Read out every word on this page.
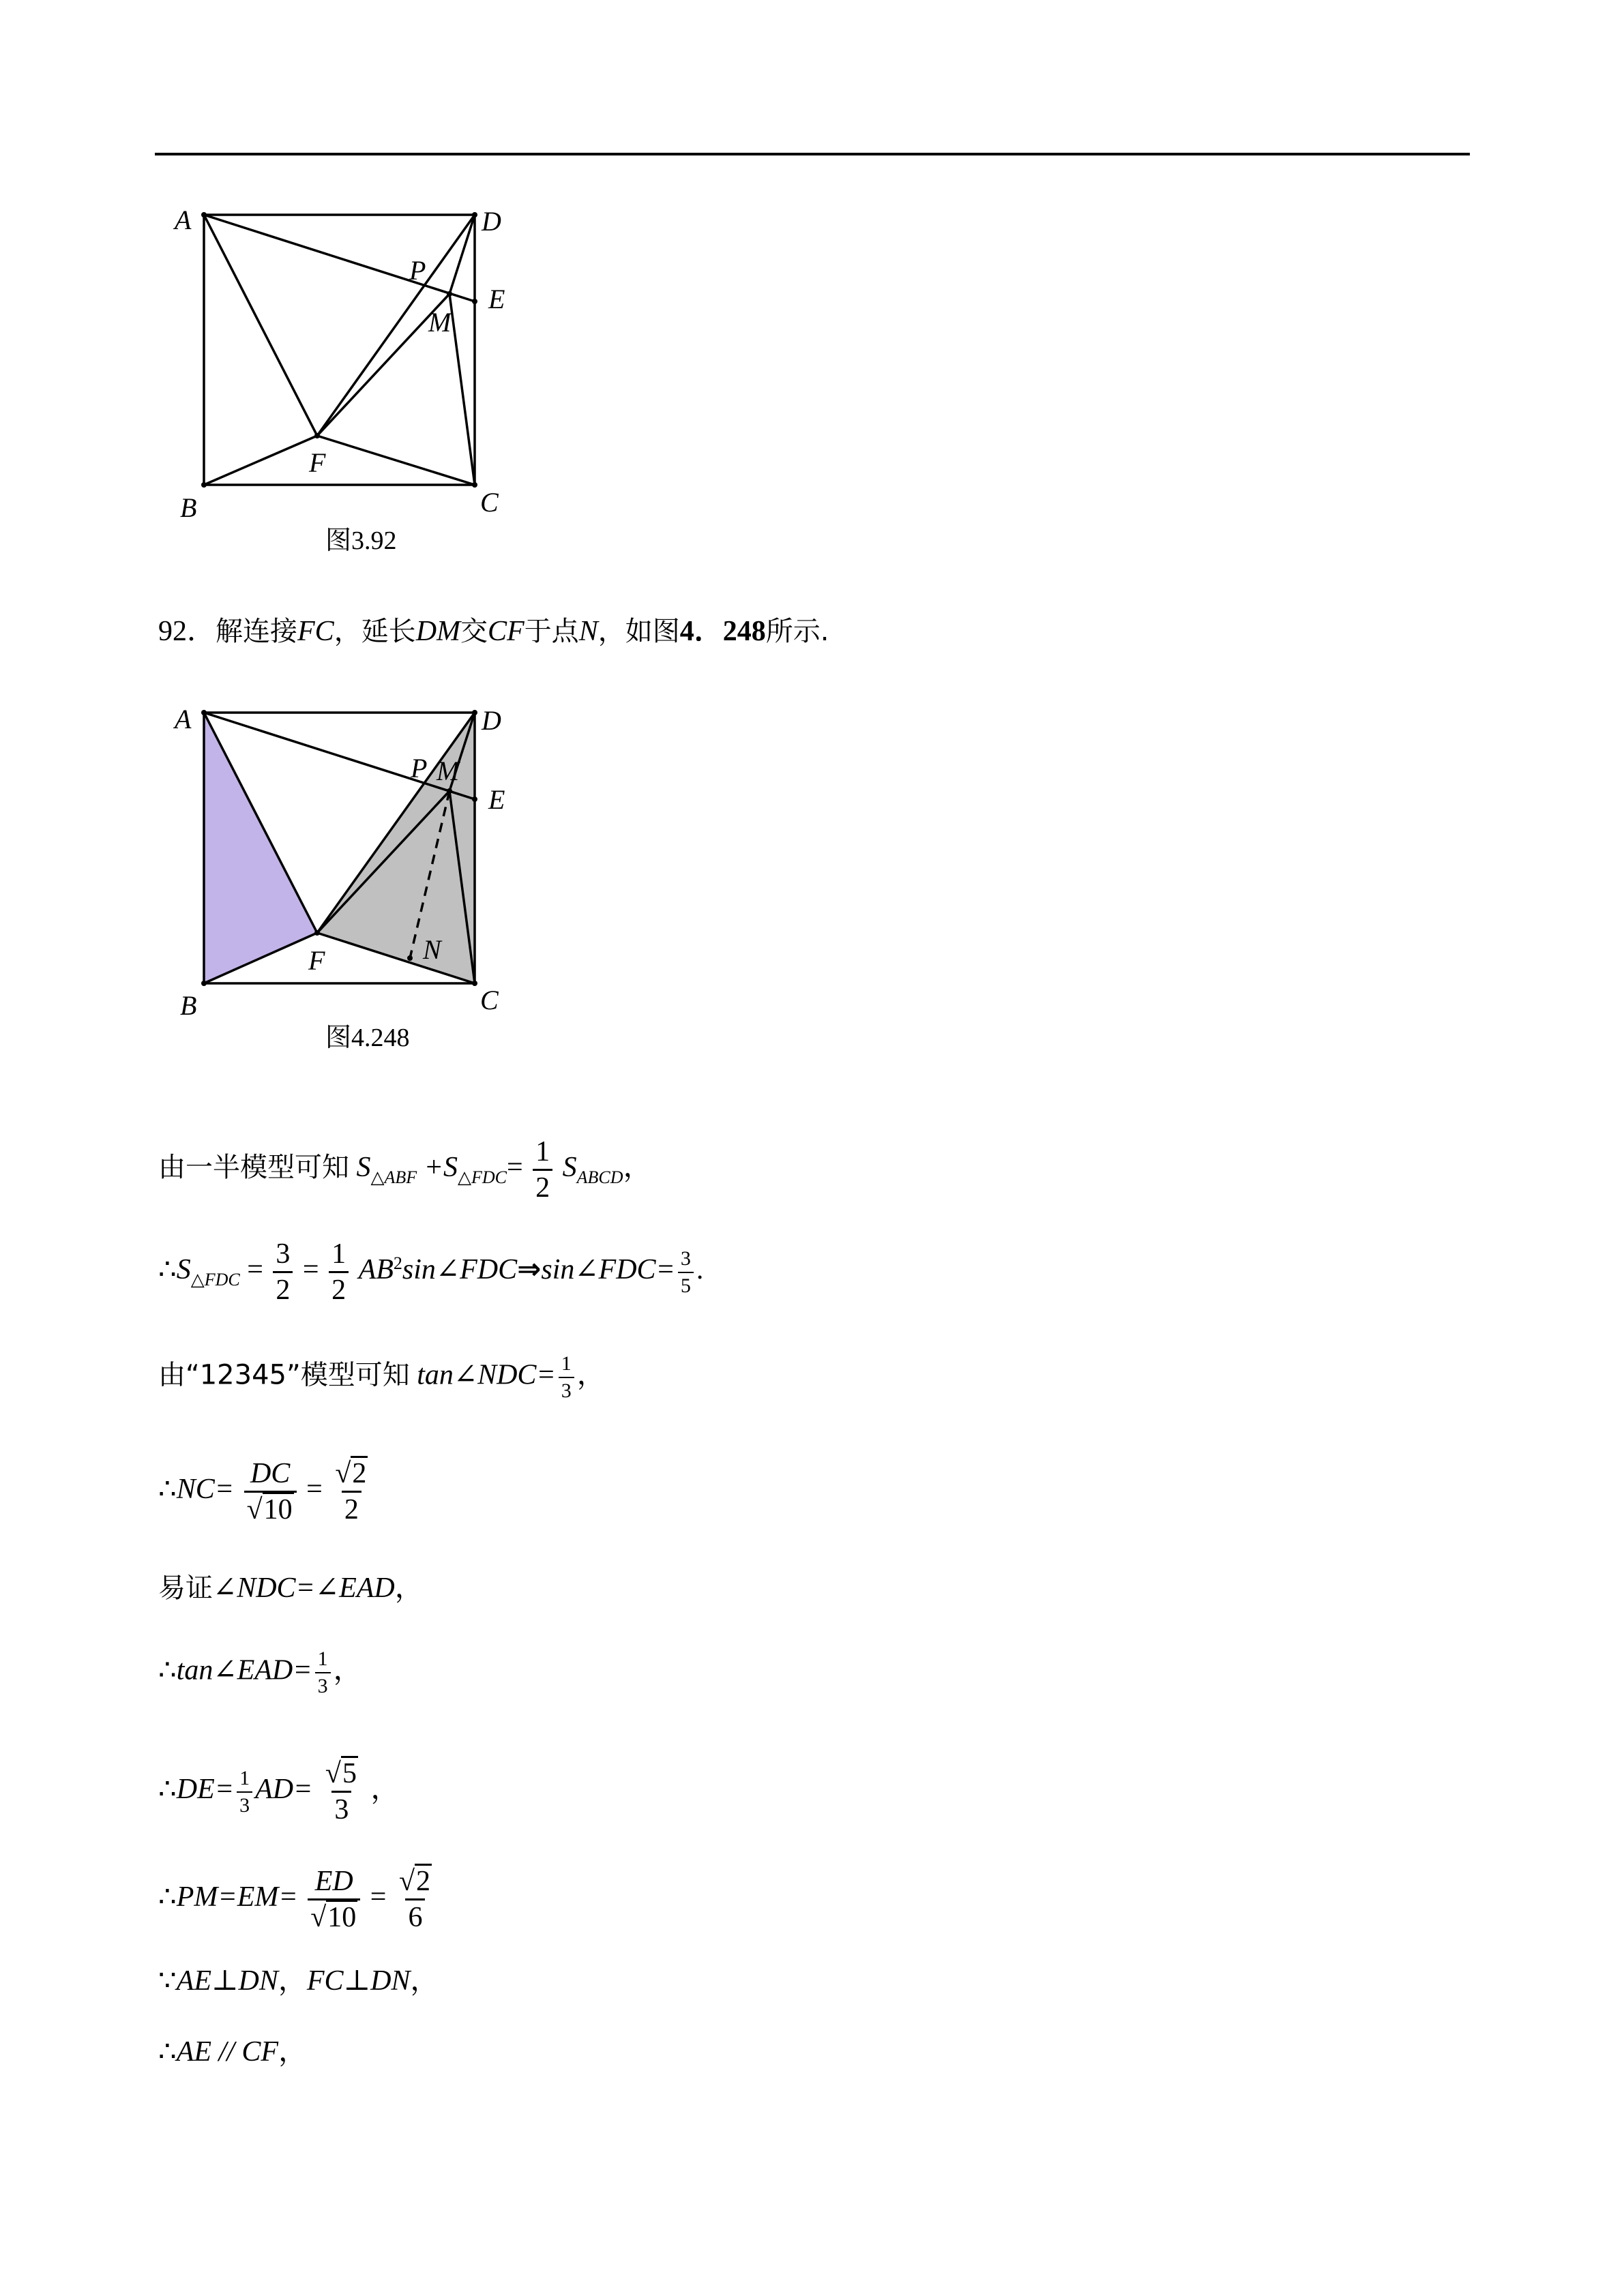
A	D
P
E
M
F
B	C
图3.92
92．解连接FC，延长DM交CF于点N，如图4．248所示.
A	D
P M
E
N
F
B	C
图4.248
由一半模型可知 $S_{\triangle ABF} +S_{\triangle FDC}= \frac{1}{2} S_{ABCD}$，
$\therefore S_{\triangle FDC} = \frac{3}{2} = \frac{1}{2}$ $AB^2\sin\angle FDC\Rightarrow\sin\angle FDC= \frac{3}{5}$ .
由“12345”模型可知 tan∠NDC= $\frac{1}{3}$ ，
∴NC= $\frac{DC}{√10} = \frac{√2}{2}$
易证∠NDC=∠EAD，
∴tan∠EAD= $\frac{1}{3}$ ，
∴DE= $\frac{1}{3} AD= \frac{√5}{3}$ ，
∴PM=EM= $\frac{ED}{√10} = \frac{√2}{6}$
∵AE⊥DN，FC⊥DN，
∴AE // CF，
